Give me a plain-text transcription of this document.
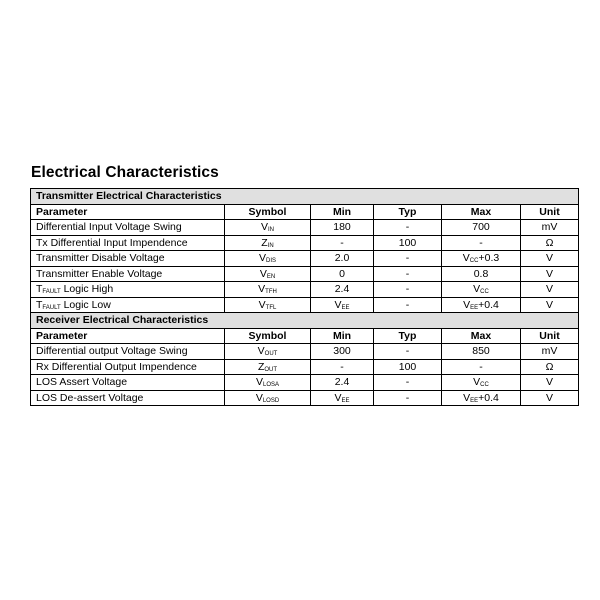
Electrical Characteristics
Transmitter Electrical Characteristics					
Parameter	Symbol	Min	Typ	Max	Unit
Differential Input Voltage Swing	$V_{IN}$	180	-	700	mV
Tx Differential Input Impendence	$Z_{IN}$	-	100	-	Ω
Transmitter Disable Voltage	$V_{DIS}$	2.0	-	$V_{CC}+0.3$	V
Transmitter Enable Voltage	$V_{EN}$	0	-	0.8	V
$T_{FAULT}$ Logic High	$V_{TFH}$	2.4	-	$V_{CC}$	V
$T_{FAULT}$ Logic Low	$V_{TFL}$	$V_{EE}$	-	$V_{EE}+0.4$	V
Receiver Electrical Characteristics					
Parameter	Symbol	Min	Typ	Max	Unit
Differential output Voltage Swing	$V_{OUT}$	300	-	850	mV
Rx Differential Output Impendence	$Z_{OUT}$	-	100	-	Ω
LOS Assert Voltage	$V_{LOSA}$	2.4	-	$V_{CC}$	V
LOS De-assert Voltage	$V_{LOSD}$	$V_{EE}$	-	$V_{EE}+0.4$	V
